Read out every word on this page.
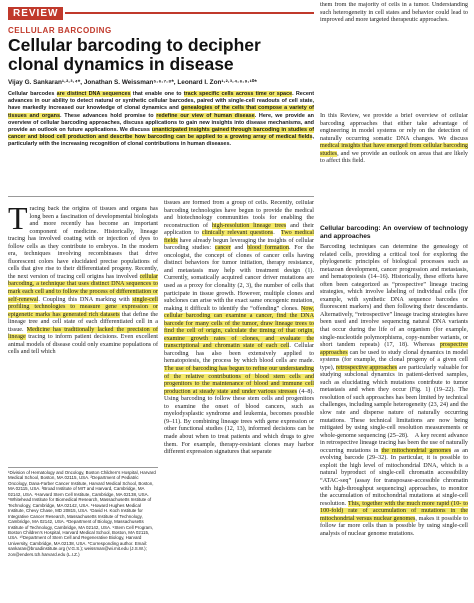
REVIEW
CELLULAR BARCODING
Cellular barcoding to decipher clonal dynamics in disease
Vijay G. Sankaran¹·²·³·⁴*, Jonathan S. Weissman⁵·⁶·⁷·⁸*, Leonard I. Zon¹·²·³·⁴·⁶·⁹·¹⁰*

Cellular barcodes are distinct DNA sequences that enable one to track specific cells across time or space. Recent advances in our ability to detect natural or synthetic cellular barcodes, paired with single-cell readouts of cell state, have markedly increased our knowledge of clonal dynamics and genealogies of the cells that compose a variety of tissues and organs. These advances hold promise to redefine our view of human disease. Here, we provide an overview of cellular barcoding approaches, discuss applications to gain new insights into disease mechanisms, and provide an outlook on future applications. We discuss unanticipated insights gained through barcoding in studies of cancer and blood cell production and describe how barcoding can be applied to a growing array of medical fields, particularly with the increasing recognition of clonal contributions in human diseases.

Tracing back the origins of tissues and organs has long been a fascination of developmental biologists and more recently has become an important component of medicine. Historically, lineage tracing has involved coating with or injection of dyes to follow cells as they contribute to embryos. In the modern era, techniques involving recombinases that drive fluorescent colors have elucidated precise populations of cells that give rise to their differentiated progeny. Recently, the next version of tracing cell origins has involved cellular barcoding, a technique that uses distinct DNA sequences to mark each cell and to follow the process of differentiation or self-renewal. Coupling this DNA marking with single-cell profiling technologies to measure gene expression or epigenetic marks has generated rich datasets that define the lineage tree and cell state of each differentiated cell in a tissue. Medicine has traditionally lacked the precision of lineage tracing to inform patient decisions. Even excellent animal models of disease could only examine populations of cells and tell which

¹Division of Hematology and Oncology, Boston Children’s Hospital, Harvard Medical School, Boston, MA 02115, USA. ²Department of Pediatric Oncology, Dana-Farber Cancer Institute, Harvard Medical School, Boston, MA 02115, USA. ³Broad Institute of MIT and Harvard, Cambridge, MA 02142, USA. ⁴Harvard Stem Cell Institute, Cambridge, MA 02138, USA. ⁵Whitehead Institute for Biomedical Research, Massachusetts Institute of Technology, Cambridge, MA 02142, USA. ⁶Howard Hughes Medical Institute, Chevy Chase, MD 20815, USA. ⁷David H. Koch Institute for Integrative Cancer Research, Massachusetts Institute of Technology, Cambridge, MA 02142, USA. ⁸Department of Biology, Massachusetts Institute of Technology, Cambridge, MA 02142, USA. ⁹Stem Cell Program, Boston Children’s Hospital, Harvard Medical School, Boston, MA 02115, USA. ¹⁰Department of Stem Cell and Regenerative Biology, Harvard University, Cambridge, MA 02138, USA. *Corresponding author. Email: sankaran@broadinstitute.org (V.G.S.); weissman@wi.mit.edu (J.S.W.); zon@enders.tch.harvard.edu (L.I.Z.)

tissues are formed from a group of cells. Recently, cellular barcoding technologies have begun to provide the medical and biotechnology communities tools for enabling the reconstruction of high-resolution lineage trees and their application to clinically relevant questions.  Two medical fields have already begun leveraging the insights of cellular barcoding studies: cancer and blood formation. For the oncologist, the concept of clones of cancer cells having distinct behaviors for tumor initiation, therapy resistance, and metastasis may help with treatment design (1). Currently, somatically acquired cancer driver mutations are used as a proxy for clonality (2, 3), the number of cells that participate in tissue growth. However, multiple clones and subclones can arise with the exact same oncogenic mutation, making it difficult to identify the “offending” clones. Now, cellular barcoding can examine a cancer, find the DNA barcode for many cells of the tumor, draw lineage trees to find the cell of origin, calculate the timing of that origin, examine growth rates of clones, and evaluate the transcriptional and chromatin state of each cell. Cellular barcoding has also been extensively applied to hematopoiesis, the process by which blood cells are made. The use of barcoding has begun to refine our understanding of the relative contributions of blood stem cells and progenitors to the maintenance of blood and immune cell production at steady state and under various stresses (4–8). Using barcoding to follow these stem cells and progenitors to examine the onset of blood cancers, such as myelodysplastic syndrome and leukemia, becomes possible (9–11). By combining lineage trees with gene expression or other functional studies (12, 13), informed decisions can be made about when to treat patients and which drugs to give them. For example, therapy-resistant clones may harbor different expression signatures that separate

them from the majority of cells in a tumor. Understanding such heterogeneity in cell states and behavior could lead to improved and more targeted therapeutic approaches.

In this Review, we provide a brief overview of cellular barcoding approaches that either take advantage of engineering in model systems or rely on the detection of naturally occurring somatic DNA changes. We discuss medical insights that have emerged from cellular barcoding studies, and we provide an outlook on areas that are likely to affect this field.

Cellular barcoding: An overview of technology and approaches

Barcoding techniques can determine the genealogy of related cells, providing a critical tool for exploring the phylogenetic principles of biological processes such as metazoan development, cancer progression and metastasis, and hematopoiesis (14–16). Historically, these efforts have often been categorized as “prospective” lineage tracing strategies, which involve labeling of individual cells (for example, with synthetic DNA sequence barcodes or fluorescent markers) and then following their descendants. Alternatively, “retrospective” lineage tracing strategies have been used and involve sequencing natural DNA variants that occur during the life of an organism (for example, single-nucleotide polymorphisms, copy-number variants, or short tandem repeats) (17, 18). Whereas prospective approaches can be used to study clonal dynamics in model systems (for example, the clonal progeny of a given cell type), retrospective approaches are particularly valuable for studying subclonal dynamics in patient-derived samples, such as elucidating which mutations contribute to tumor metastasis and when they occur (Fig. 1) (19–22). The resolution of such approaches has been limited by technical challenges, including sample heterogeneity (23, 24) and the slow rate and disperse nature of naturally occurring mutations. These technical limitations are now being mitigated by using single-cell resolution measurements or whole-genome sequencing (25–28). A key recent advance in retrospective lineage tracing has been the use of naturally occurring mutations in the mitochondrial genomes as an evolving barcode (29–32). In particular, it is possible to exploit the high level of mitochondrial DNA, which is a natural byproduct of single-cell chromatin accessibility “ATAC-seq” (assay for transposase-accessible chromatin with high-throughput sequencing) approaches, to monitor the accumulation of mitochondrial mutations at single-cell resolution. This, together with the much more rapid (10- to 100-fold) rate of accumulation of mutations in the mitochondrial versus nuclear genomes, makes it possible to follow far more cells than is possible by using single-cell analysis of nuclear genome mutations.
